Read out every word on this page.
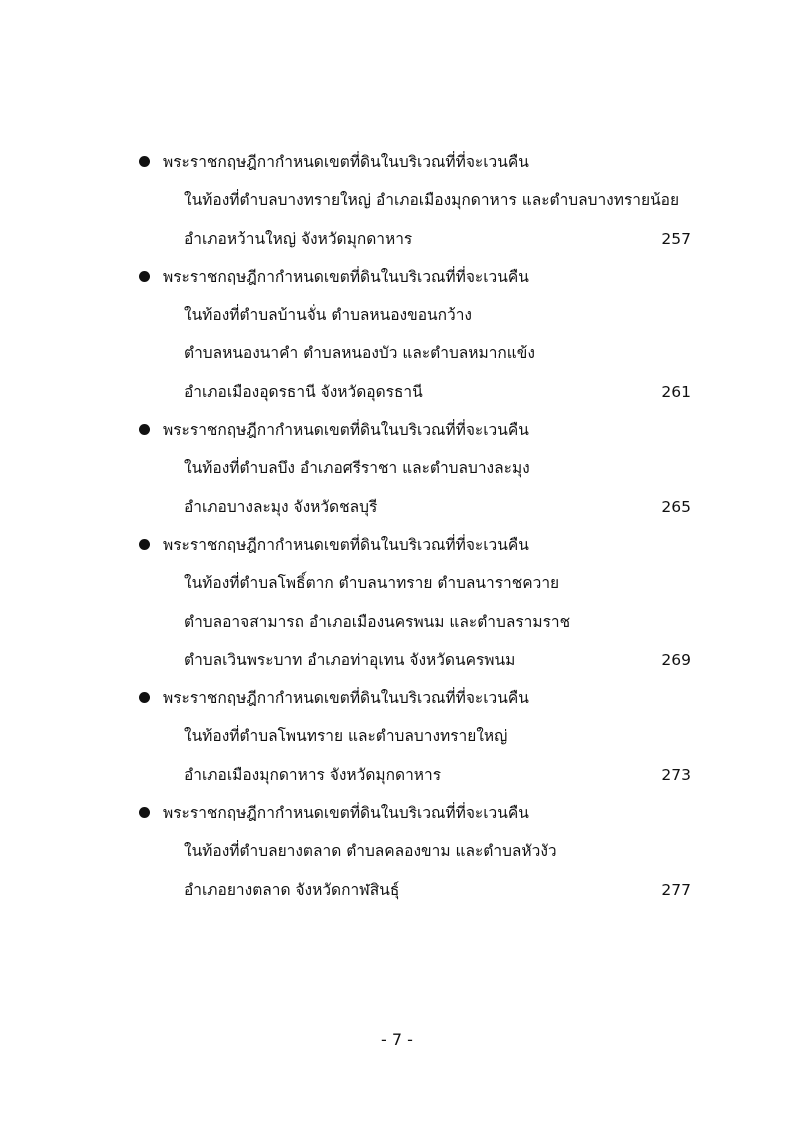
พระราชกฤษฎีกากำหนดเขตที่ดินในบริเวณที่ที่จะเวนคืน
ในท้องที่ตำบลบางทรายใหญ่ อำเภอเมืองมุกดาหาร และตำบลบางทรายน้อย
อำเภอหว้านใหญ่ จังหวัดมุกดาหาร	257
พระราชกฤษฎีกากำหนดเขตที่ดินในบริเวณที่ที่จะเวนคืน
ในท้องที่ตำบลบ้านจั่น ตำบลหนองขอนกว้าง
ตำบลหนองนาคำ ตำบลหนองบัว และตำบลหมากแข้ง
อำเภอเมืองอุดรธานี จังหวัดอุดรธานี	261
พระราชกฤษฎีกากำหนดเขตที่ดินในบริเวณที่ที่จะเวนคืน
ในท้องที่ตำบลบึง อำเภอศรีราชา และตำบลบางละมุง
อำเภอบางละมุง จังหวัดชลบุรี	265
พระราชกฤษฎีกากำหนดเขตที่ดินในบริเวณที่ที่จะเวนคืน
ในท้องที่ตำบลโพธิ์ตาก ตำบลนาทราย ตำบลนาราชควาย
ตำบลอาจสามารถ อำเภอเมืองนครพนม และตำบลรามราช
ตำบลเวินพระบาท อำเภอท่าอุเทน จังหวัดนครพนม	269
พระราชกฤษฎีกากำหนดเขตที่ดินในบริเวณที่ที่จะเวนคืน
ในท้องที่ตำบลโพนทราย และตำบลบางทรายใหญ่
อำเภอเมืองมุกดาหาร จังหวัดมุกดาหาร	273
พระราชกฤษฎีกากำหนดเขตที่ดินในบริเวณที่ที่จะเวนคืน
ในท้องที่ตำบลยางตลาด ตำบลคลองขาม และตำบลหัวงัว
อำเภอยางตลาด จังหวัดกาฬสินธุ์	277
- 7 -
